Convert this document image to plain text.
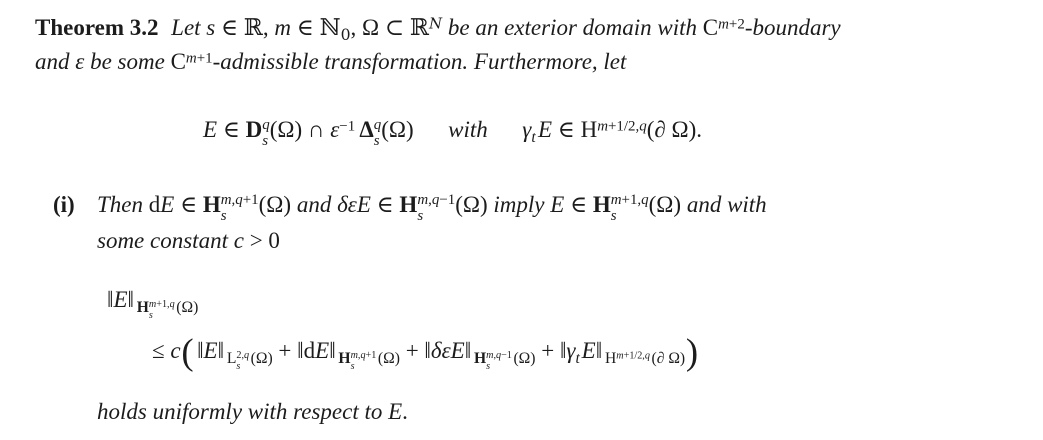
Theorem 3.2 Let s ∈ ℝ, m ∈ ℕ$_0$, Ω ⊂ ℝ$^N$ be an exterior domain with $C^{m+2}$-boundary
and ε be some $C^{m+1}$-admissible transformation. Furthermore, let
E ∈ D q
s (Ω) ∩ $\varepsilon^{-1}$ Δ q
s (Ω) with $\gamma_tE$ ∈ $H^{m+1/2,q}(\partial$ Ω).
(i) Then dE ∈ H m,q+1
s	(Ω) and δεE ∈ H m,q−1
s	(Ω) imply E ∈ H m+1,q
s	(Ω) and with
some constant c > 0
‖E‖ $_{H m+1,q s (\Omega)}$
≤ c( ‖E‖ $_{L 2,q s (\Omega)}$ + ‖dE‖ $_{H m,q+1 s (\Omega)}$ + ‖δεE‖ $_{H m,q-1 s (\Omega)} + ‖\gamma_tE‖$ $_{H^{m+1/2,q}(\partial \Omega)}$)
holds uniformly with respect to E.
